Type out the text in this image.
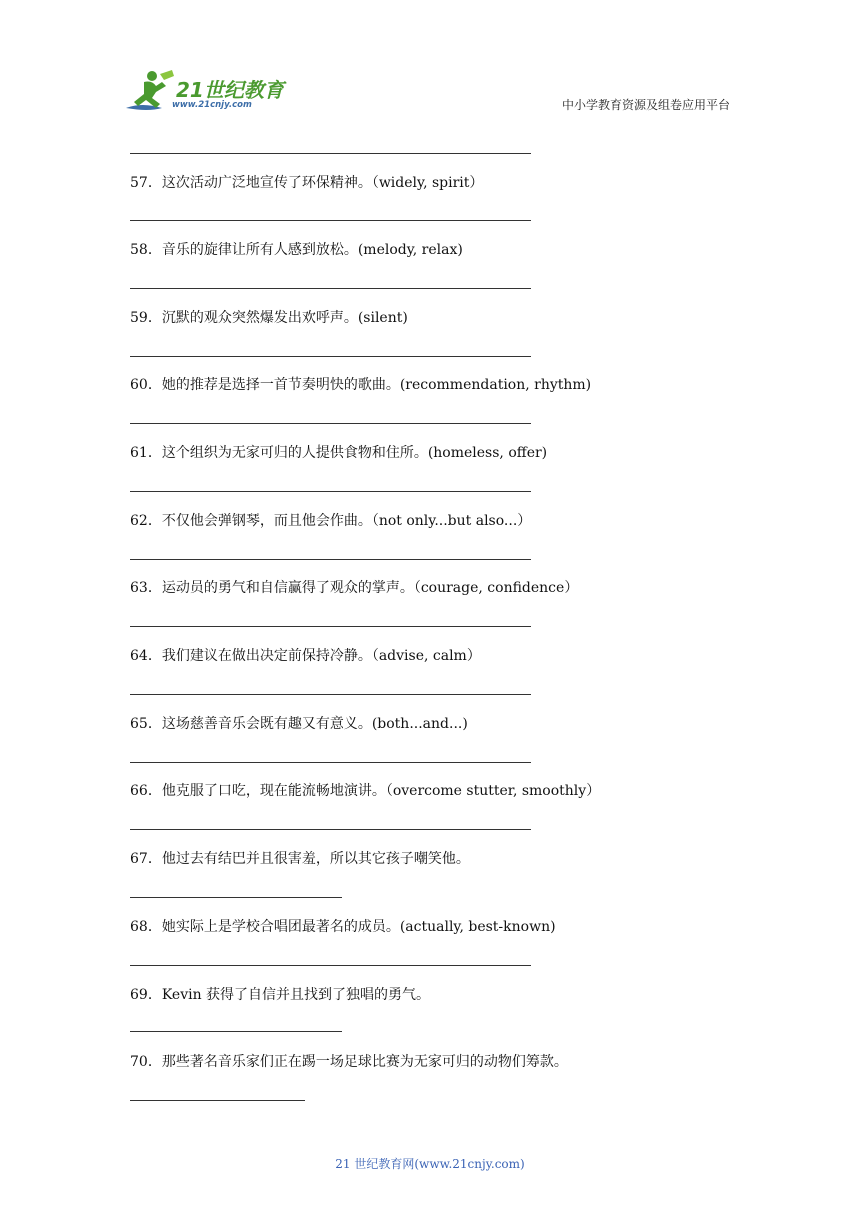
21世纪教育
www.21cnjy.com	中小学教育资源及组卷应用平台
57．这次活动广泛地宣传了环保精神。（widely, spirit）
58．音乐的旋律让所有人感到放松。(melody, relax)
59．沉默的观众突然爆发出欢呼声。(silent)
60．她的推荐是选择一首节奏明快的歌曲。(recommendation, rhythm)
61．这个组织为无家可归的人提供食物和住所。(homeless, offer)
62．不仅他会弹钢琴，而且他会作曲。（not only...but also...）
63．运动员的勇气和自信赢得了观众的掌声。（courage, confidence）
64．我们建议在做出决定前保持冷静。（advise, calm）
65．这场慈善音乐会既有趣又有意义。(both...and...)
66．他克服了口吃，现在能流畅地演讲。（overcome stutter, smoothly）
67．他过去有结巴并且很害羞，所以其它孩子嘲笑他。
68．她实际上是学校合唱团最著名的成员。(actually, best-known)
69．Kevin 获得了自信并且找到了独唱的勇气。
70．那些著名音乐家们正在踢一场足球比赛为无家可归的动物们筹款。
21 世纪教育网(www.21cnjy.com)
